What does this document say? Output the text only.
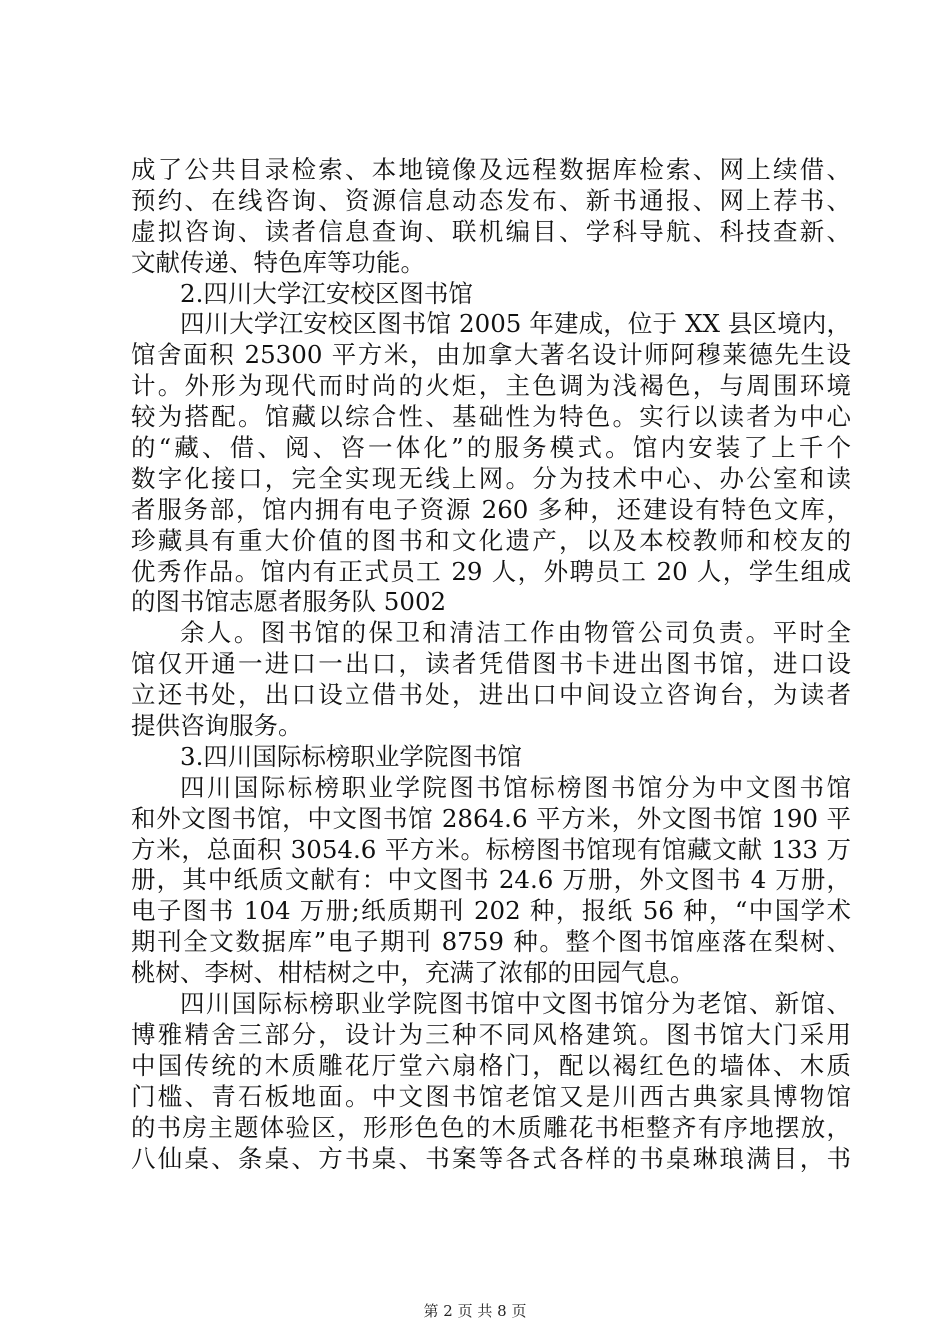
成了公共目录检索、本地镜像及远程数据库检索、网上续借、
预约、在线咨询、资源信息动态发布、新书通报、网上荐书、
虚拟咨询、读者信息查询、联机编目、学科导航、科技查新、
文献传递、特色库等功能。
2.四川大学江安校区图书馆
四川大学江安校区图书馆 2005 年建成，位于 XX 县区境内，
馆舍面积 25300 平方米，由加拿大著名设计师阿穆莱德先生设
计。外形为现代而时尚的火炬，主色调为浅褐色，与周围环境
较为搭配。馆藏以综合性、基础性为特色。实行以读者为中心
的“藏、借、阅、咨一体化”的服务模式。馆内安装了上千个
数字化接口，完全实现无线上网。分为技术中心、办公室和读
者服务部，馆内拥有电子资源 260 多种，还建设有特色文库，
珍藏具有重大价值的图书和文化遗产，以及本校教师和校友的
优秀作品。馆内有正式员工 29 人，外聘员工 20 人，学生组成
的图书馆志愿者服务队 5002
余人。图书馆的保卫和清洁工作由物管公司负责。平时全
馆仅开通一进口一出口，读者凭借图书卡进出图书馆，进口设
立还书处，出口设立借书处，进出口中间设立咨询台，为读者
提供咨询服务。
3.四川国际标榜职业学院图书馆
四川国际标榜职业学院图书馆标榜图书馆分为中文图书馆
和外文图书馆，中文图书馆 2864.6 平方米，外文图书馆 190 平
方米，总面积 3054.6 平方米。标榜图书馆现有馆藏文献 133 万
册，其中纸质文献有：中文图书 24.6 万册，外文图书 4 万册，
电子图书 104 万册;纸质期刊 202 种，报纸 56 种，“中国学术
期刊全文数据库”电子期刊 8759 种。整个图书馆座落在梨树、
桃树、李树、柑桔树之中，充满了浓郁的田园气息。
四川国际标榜职业学院图书馆中文图书馆分为老馆、新馆、
博雅精舍三部分，设计为三种不同风格建筑。图书馆大门采用
中国传统的木质雕花厅堂六扇格门，配以褐红色的墙体、木质
门槛、青石板地面。中文图书馆老馆又是川西古典家具博物馆
的书房主题体验区，形形色色的木质雕花书柜整齐有序地摆放，
八仙桌、条桌、方书桌、书案等各式各样的书桌琳琅满目，书
第 2 页 共 8 页
